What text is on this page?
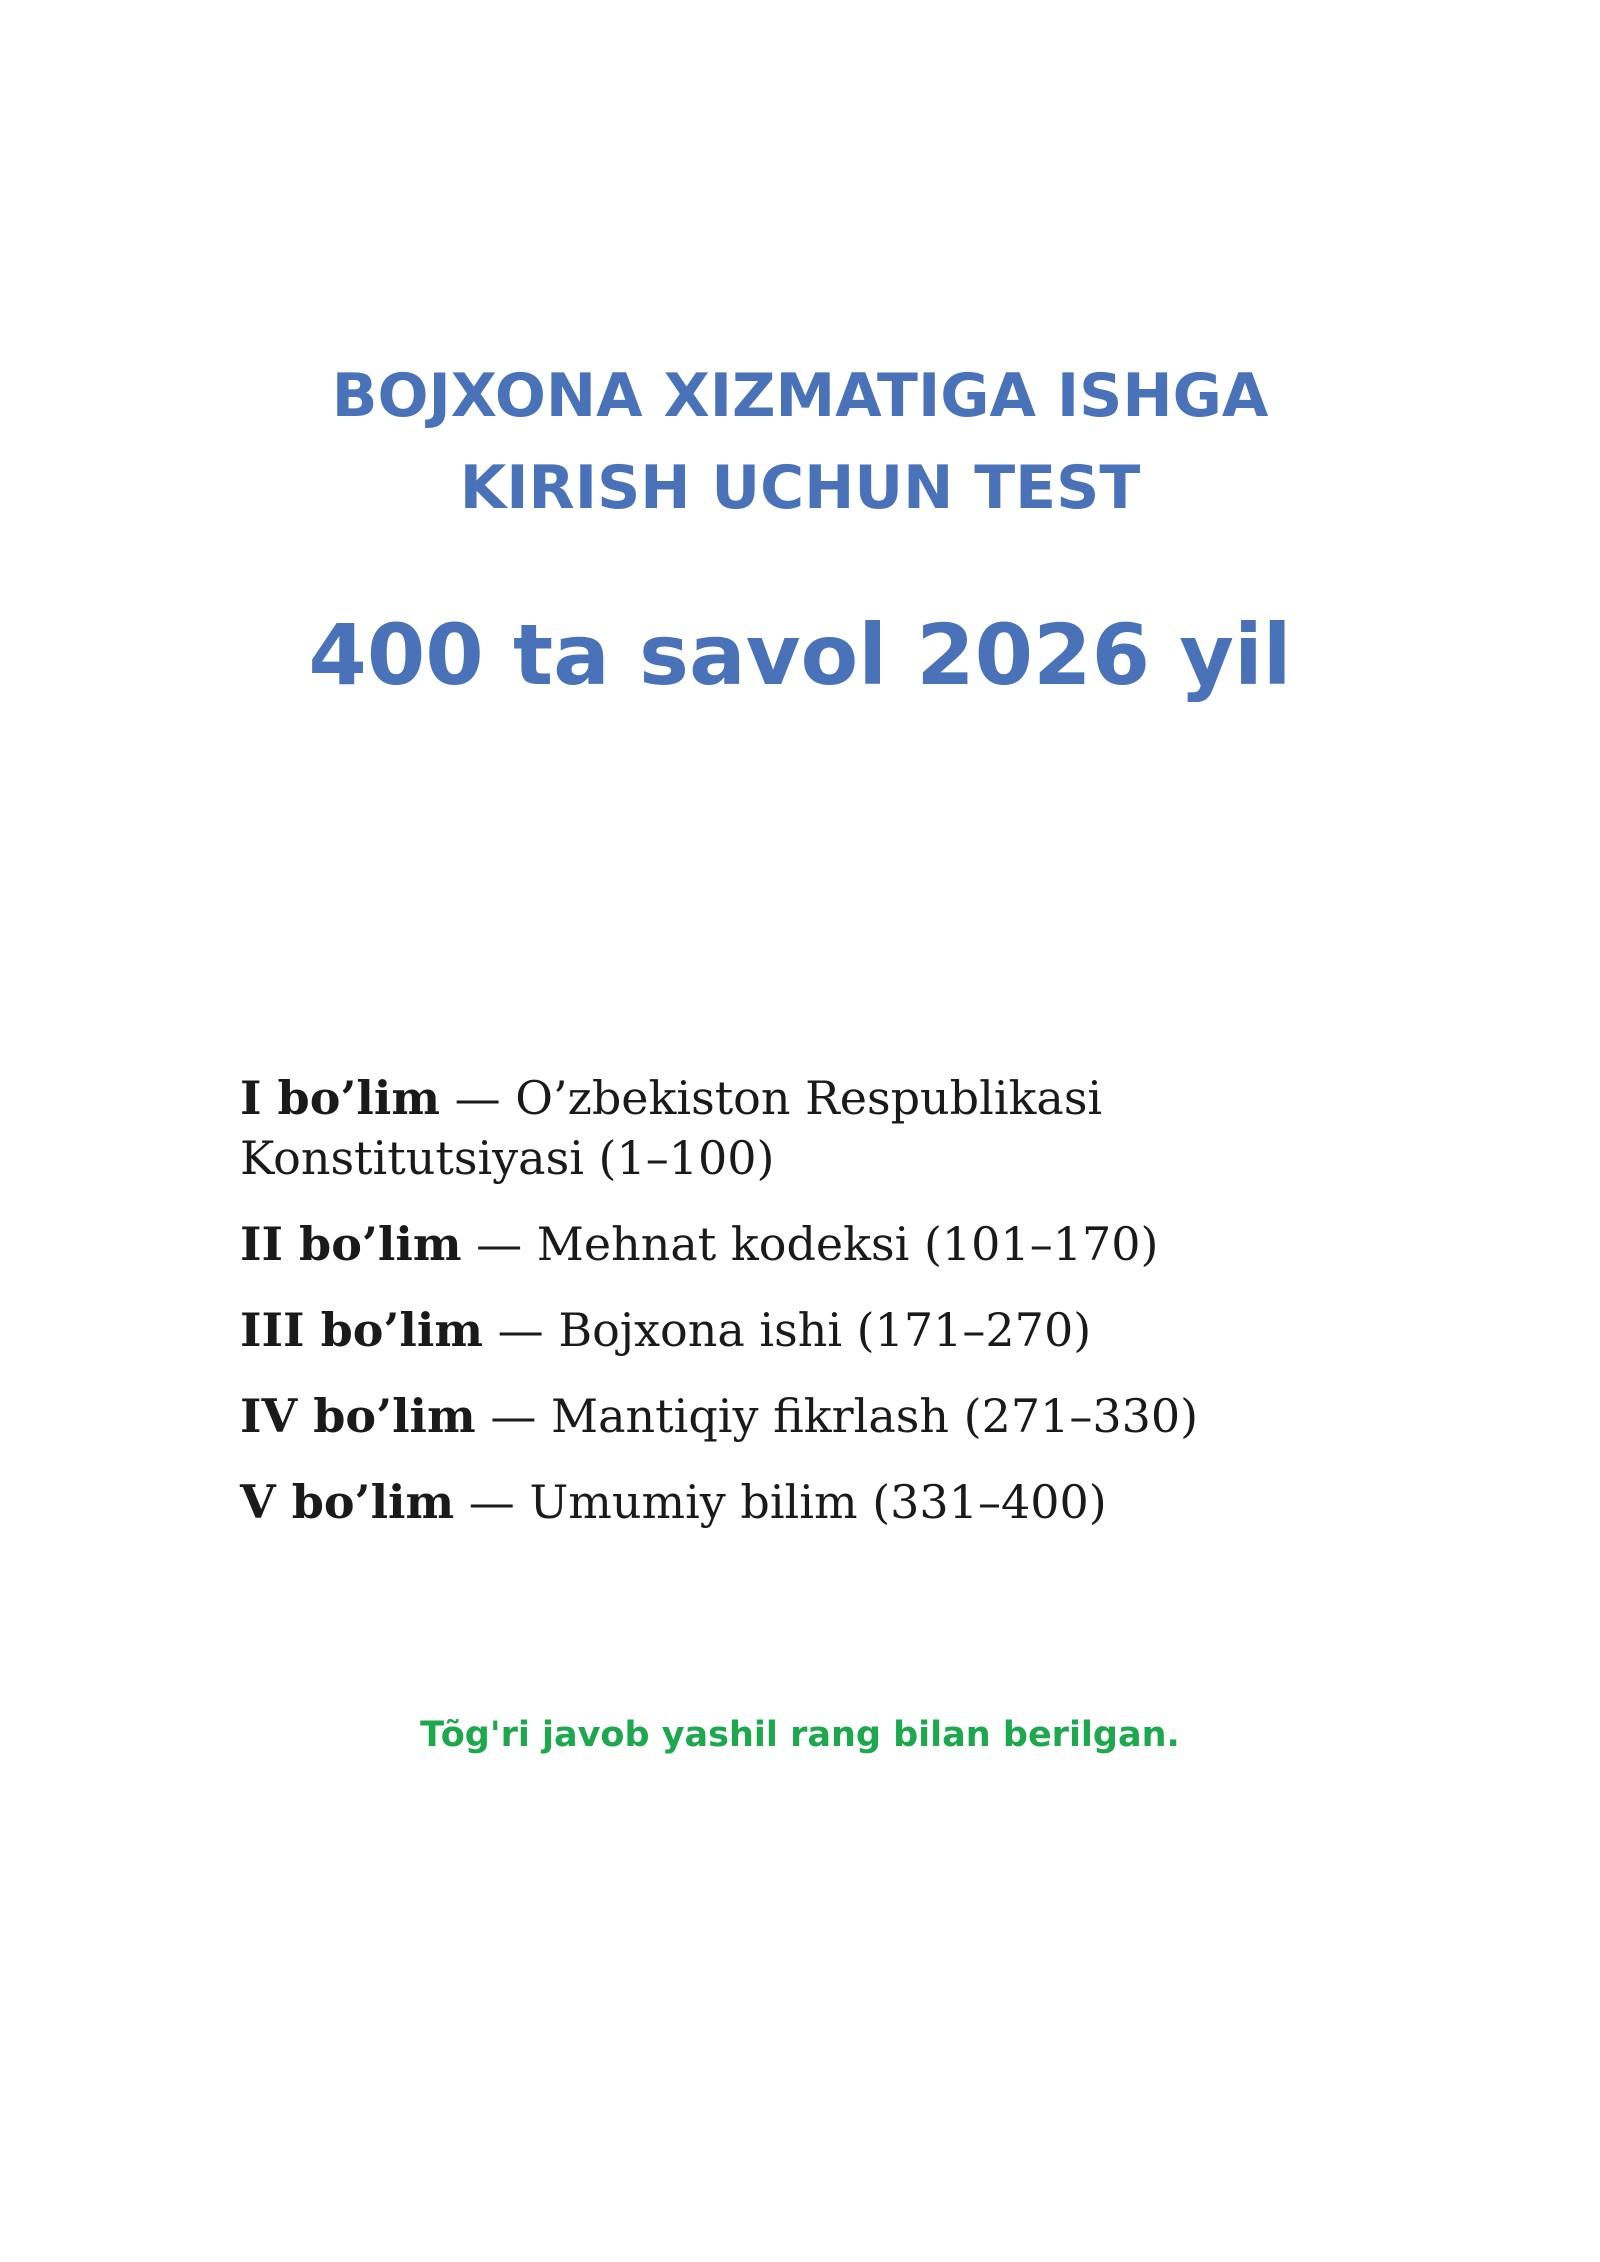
BOJXONA XIZMATIGA ISHGA
KIRISH UCHUN TEST
400 ta savol 2026 yil
I bo’lim — O’zbekiston Respublikasi Konstitutsiyasi (1–100)
II bo’lim — Mehnat kodeksi (101–170)
III bo’lim — Bojxona ishi (171–270)
IV bo’lim — Mantiqiy fikrlash (271–330)
V bo’lim — Umumiy bilim (331–400)
Tõg'ri javob yashil rang bilan berilgan.
